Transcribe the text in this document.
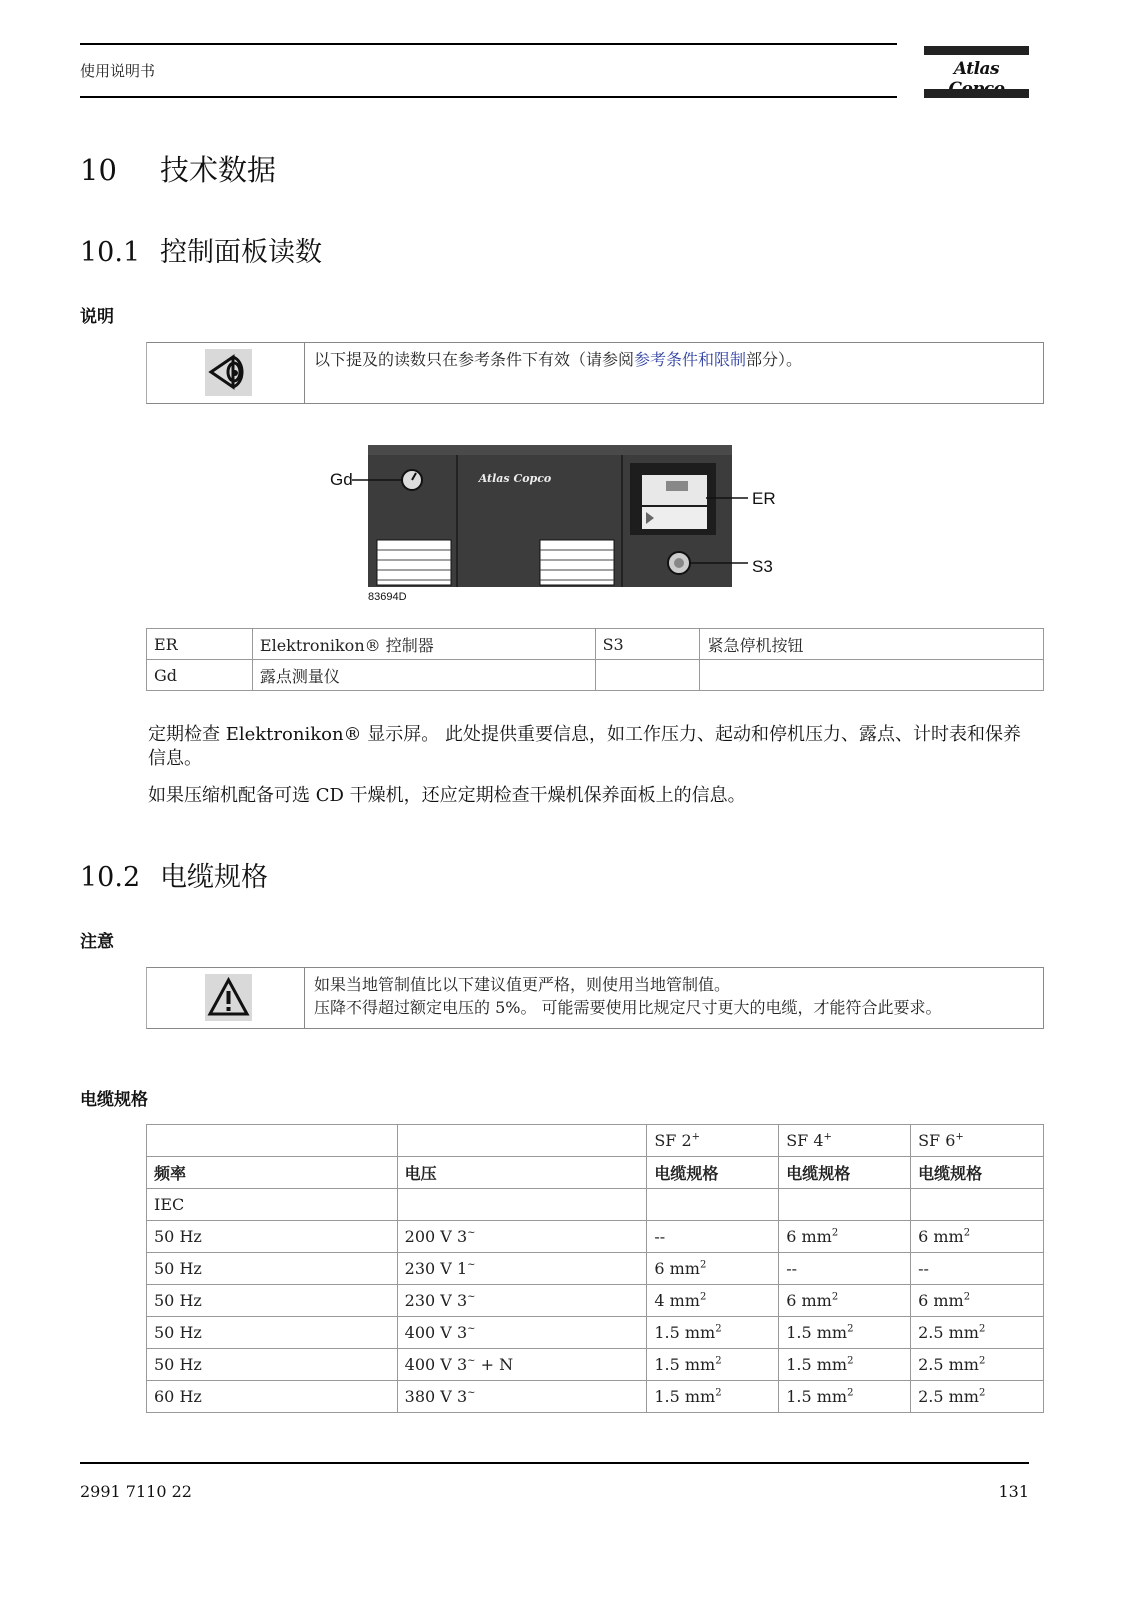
使用说明书	Atlas
10 技术数据
10.1 控制面板读数
说明
以下提及的读数只在参考条件下有效（请参阅参考条件和限制部分）。
Atlas Copco
Gd
ER
S3
83694D
ER	Elektronikon® 控制器	S3	紧急停机按钮
Gd	露点测量仪		
定期检查 Elektronikon® 显示屏。 此处提供重要信息，如工作压力、起动和停机压力、露点、计时表和保养信息。
如果压缩机配备可选 CD 干燥机，还应定期检查干燥机保养面板上的信息。
10.2 电缆规格
注意
如果当地管制值比以下建议值更严格，则使用当地管制值。
压降不得超过额定电压的 5%。 可能需要使用比规定尺寸更大的电缆，才能符合此要求。
电缆规格
		SF 2+	SF 4+	SF 6+
频率	电压	电缆规格	电缆规格	电缆规格
IEC				
50 Hz	200 V 3~	--	6 $mm^2$	6 $mm^2$
50 Hz	230 V 1~	6 $mm^2$	--	--
50 Hz	230 V 3~	4 $mm^2$	6 $mm^2$	6 $mm^2$
50 Hz	400 V 3~	1.5 $mm^2$	1.5 $mm^2$	2.5 $mm^2$
50 Hz	400 V 3~ + N	1.5 $mm^2$	1.5 $mm^2$	2.5 $mm^2$
60 Hz	380 V 3~	1.5 $mm^2$	1.5 $mm^2$	2.5 $mm^2$
2991 7110 22	131
